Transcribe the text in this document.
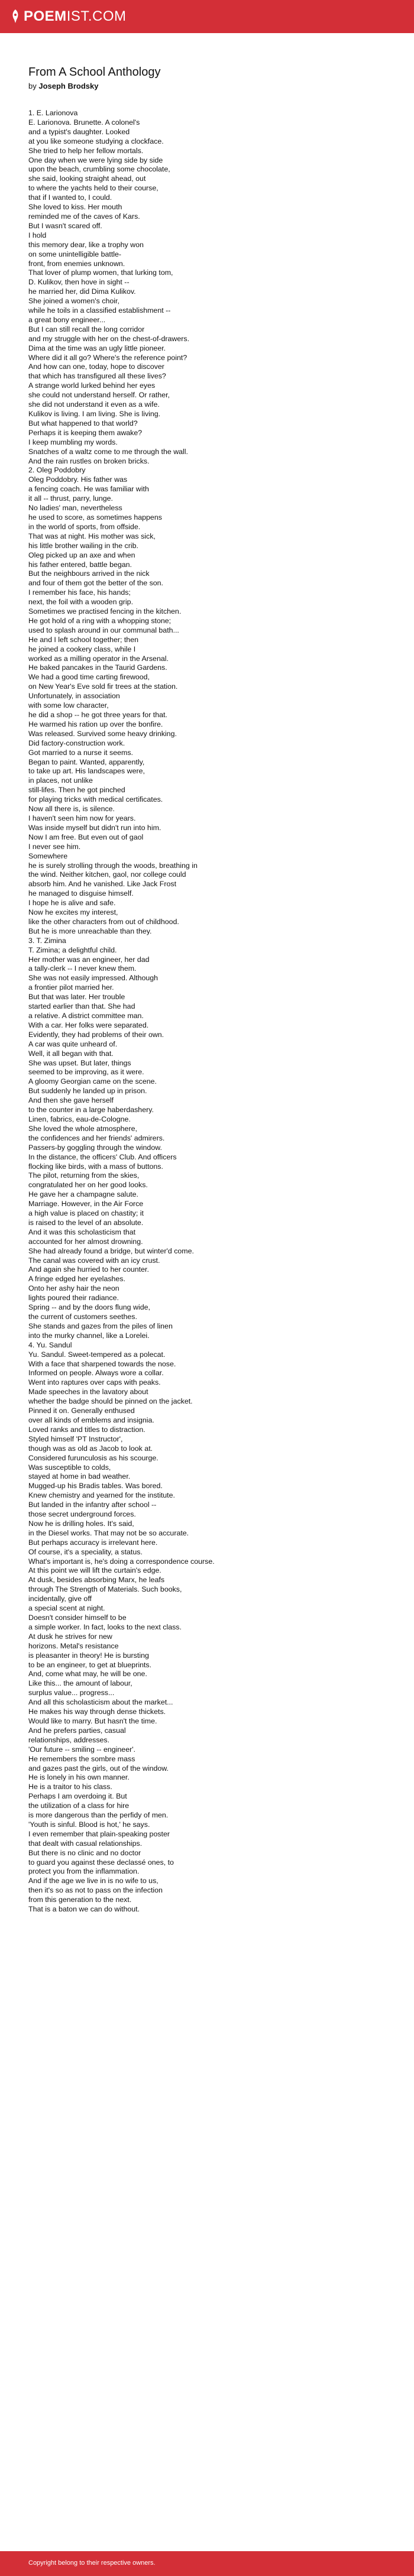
POEMIST.COM
From A School Anthology

by Joseph Brodsky

1. E. Larionova
E. Larionova. Brunette. A colonel's
and a typist's daughter. Looked
at you like someone studying a clockface.
She tried to help her fellow mortals.
One day when we were lying side by side
upon the beach, crumbling some chocolate,
she said, looking straight ahead, out
to where the yachts held to their course,
that if I wanted to, I could.
She loved to kiss. Her mouth
reminded me of the caves of Kars.
But I wasn't scared off.
I hold
this memory dear, like a trophy won
on some unintelligible battle-
front, from enemies unknown.
That lover of plump women, that lurking tom,
D. Kulikov, then hove in sight --
he married her, did Dima Kulikov.
She joined a women's choir,
while he toils in a classified establishment --
a great bony engineer...
But I can still recall the long corridor
and my struggle with her on the chest-of-drawers.
Dima at the time was an ugly little pioneer.
Where did it all go? Where's the reference point?
And how can one, today, hope to discover
that which has transfigured all these lives?
A strange world lurked behind her eyes
she could not understand herself. Or rather,
she did not understand it even as a wife.
Kulikov is living. I am living. She is living.
But what happened to that world?
Perhaps it is keeping them awake?
I keep mumbling my words.
Snatches of a waltz come to me through the wall.
And the rain rustles on broken bricks.
2. Oleg Poddobry
Oleg Poddobry. His father was
a fencing coach. He was familiar with
it all -- thrust, parry, lunge.
No ladies' man, nevertheless
he used to score, as sometimes happens
in the world of sports, from offside.
That was at night. His mother was sick,
his little brother wailing in the crib.
Oleg picked up an axe and when
his father entered, battle began.
But the neighbours arrived in the nick
and four of them got the better of the son.
I remember his face, his hands;
next, the foil with a wooden grip.
Sometimes we practised fencing in the kitchen.
He got hold of a ring with a whopping stone;
used to splash around in our communal bath...
He and I left school together; then
he joined a cookery class, while I
worked as a milling operator in the Arsenal.
He baked pancakes in the Taurid Gardens.
We had a good time carting firewood,
on New Year's Eve sold fir trees at the station.
Unfortunately, in association
with some low character,
he did a shop -- he got three years for that.
He warmed his ration up over the bonfire.
Was released. Survived some heavy drinking.
Did factory-construction work.
Got married to a nurse it seems.
Began to paint. Wanted, apparently,
to take up art. His landscapes were,
in places, not unlike
still-lifes. Then he got pinched
for playing tricks with medical certificates.
Now all there is, is silence.
I haven't seen him now for years.
Was inside myself but didn't run into him.
Now I am free. But even out of gaol
I never see him.
Somewhere
he is surely strolling through the woods, breathing in
the wind. Neither kitchen, gaol, nor college could
absorb him. And he vanished. Like Jack Frost
he managed to disguise himself.
I hope he is alive and safe.
Now he excites my interest,
like the other characters from out of childhood.
But he is more unreachable than they.
3. T. Zimina
T. Zimina; a delightful child.
Her mother was an engineer, her dad
a tally-clerk -- I never knew them.
She was not easily impressed. Although
a frontier pilot married her.
But that was later. Her trouble
started earlier than that. She had
a relative. A district committee man.
With a car. Her folks were separated.
Evidently, they had problems of their own.
A car was quite unheard of.
Well, it all began with that.
She was upset. But later, things
seemed to be improving, as it were.
A gloomy Georgian came on the scene.
But suddenly he landed up in prison.
And then she gave herself
to the counter in a large haberdashery.
Linen, fabrics, eau-de-Cologne.
She loved the whole atmosphere,
the confidences and her friends' admirers.
Passers-by goggling through the window.
In the distance, the officers' Club. And officers
flocking like birds, with a mass of buttons.
The pilot, returning from the skies,
congratulated her on her good looks.
He gave her a champagne salute.
Marriage. However, in the Air Force
a high value is placed on chastity; it
is raised to the level of an absolute.
And it was this scholasticism that
accounted for her almost drowning.
She had already found a bridge, but winter'd come.
The canal was covered with an icy crust.
And again she hurried to her counter.
A fringe edged her eyelashes.
Onto her ashy hair the neon
lights poured their radiance.
Spring -- and by the doors flung wide,
the current of customers seethes.
She stands and gazes from the piles of linen
into the murky channel, like a Lorelei.
4. Yu. Sandul
Yu. Sandul. Sweet-tempered as a polecat.
With a face that sharpened towards the nose.
Informed on people. Always wore a collar.
Went into raptures over caps with peaks.
Made speeches in the lavatory about
whether the badge should be pinned on the jacket.
Pinned it on. Generally enthused
over all kinds of emblems and insignia.
Loved ranks and titles to distraction.
Styled himself 'PT Instructor',
though was as old as Jacob to look at.
Considered furunculosis as his scourge.
Was susceptible to colds,
stayed at home in bad weather.
Mugged-up his Bradis tables. Was bored.
Knew chemistry and yearned for the institute.
But landed in the infantry after school --
those secret underground forces.
Now he is drilling holes. It's said,
in the Diesel works. That may not be so accurate.
But perhaps accuracy is irrelevant here.
Of course, it's a speciality, a status.
What's important is, he's doing a correspondence course.
At this point we will lift the curtain's edge.
At dusk, besides absorbing Marx, he leafs
through The Strength of Materials. Such books,
incidentally, give off
a special scent at night.
Doesn't consider himself to be
a simple worker. In fact, looks to the next class.
At dusk he strives for new
horizons. Metal's resistance
is pleasanter in theory! He is bursting
to be an engineer, to get at blueprints.
And, come what may, he will be one.
Like this... the amount of labour,
surplus value... progress...
And all this scholasticism about the market...
He makes his way through dense thickets.
Would like to marry. But hasn't the time.
And he prefers parties, casual
relationships, addresses.
'Our future -- smiling -- engineer'.
He remembers the sombre mass
and gazes past the girls, out of the window.
He is lonely in his own manner.
He is a traitor to his class.
Perhaps I am overdoing it. But
the utilization of a class for hire
is more dangerous than the perfidy of men.
'Youth is sinful. Blood is hot,' he says.
I even remember that plain-speaking poster
that dealt with casual relationships.
But there is no clinic and no doctor
to guard you against these declassé ones, to
protect you from the inflammation.
And if the age we live in is no wife to us,
then it's so as not to pass on the infection
from this generation to the next.
That is a baton we can do without.
Copyright belong to their respective owners.
